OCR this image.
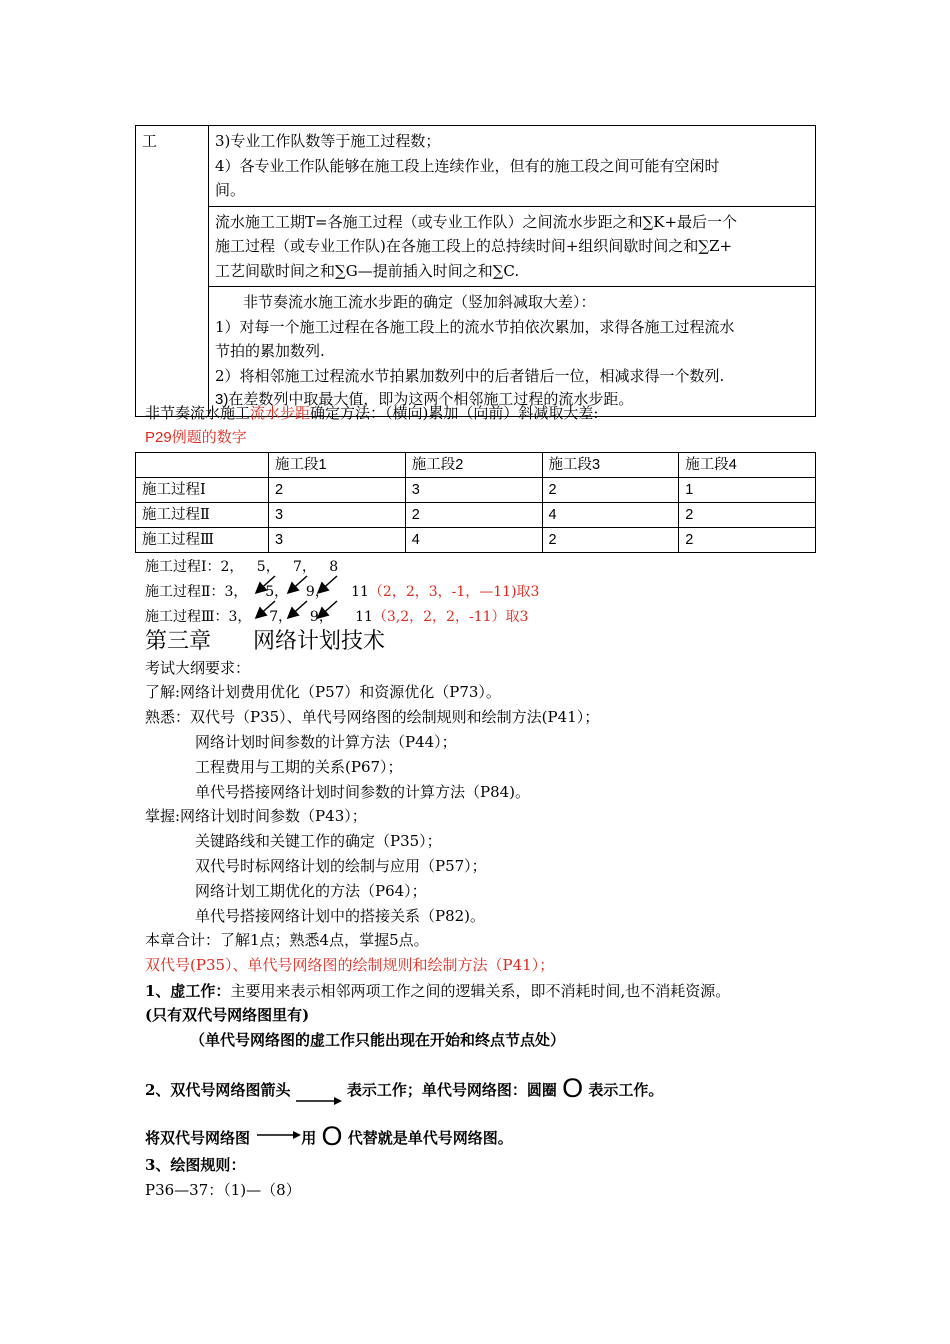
工	3)专业工作队数等于施工过程数；
4）各专业工作队能够在施工段上连续作业，但有的施工段之间可能有空闲时
间。

流水施工工期T=各施工过程（或专业工作队）之间流水步距之和∑K+最后一个
施工过程（或专业工作队)在各施工段上的总持续时间+组织间歇时间之和∑Z+
工艺间歇时间之和∑G—提前插入时间之和∑C.

非节奏流水施工流水步距的确定（竖加斜减取大差）：
1）对每一个施工过程在各施工段上的流水节拍依次累加，求得各施工过程流水
节拍的累加数列.
2）将相邻施工过程流水节拍累加数列中的后者错后一位，相减求得一个数列.
3)在差数列中取最大值，即为这两个相邻施工过程的流水步距。
非节奏流水施工流水步距确定方法：（横向)累加（向前）斜减取大差:
P29例题的数字
	施工段1	施工段2	施工段3	施工段4
施工过程Ⅰ	2	3	2	1
施工过程Ⅱ	3	2	4	2
施工过程Ⅲ	3	4	2	2
施工过程Ⅰ：2，   5，   7，   8
施工过程Ⅱ：3，    5，    9，     11（2，2，3，-1，—11)取3
施工过程Ⅲ：3，    7，    9，     11（3,2，2，2，-11）取3
第三章      网络计划技术
考试大纲要求：
了解:网络计划费用优化（P57）和资源优化（P73）。
熟悉：双代号（P35）、单代号网络图的绘制规则和绘制方法(P41）；
网络计划时间参数的计算方法（P44）；
工程费用与工期的关系(P67）；
单代号搭接网络计划时间参数的计算方法（P84)。
掌握:网络计划时间参数（P43）；
关键路线和关键工作的确定（P35）；
双代号时标网络计划的绘制与应用（P57）；
网络计划工期优化的方法（P64）；
单代号搭接网络计划中的搭接关系（P82)。
本章合计：了解1点；熟悉4点，掌握5点。
双代号(P35）、单代号网络图的绘制规则和绘制方法（P41）；
1、虚工作：主要用来表示相邻两项工作之间的逻辑关系，即不消耗时间,也不消耗资源。
(只有双代号网络图里有)
（单代号网络图的虚工作只能出现在开始和终点节点处）
2、双代号网络图箭头	表示工作；单代号网络图：圆圈 O 表示工作。
将双代号网络图	用 O 代替就是单代号网络图。
3、绘图规则：
P36—37：（1)—（8）
